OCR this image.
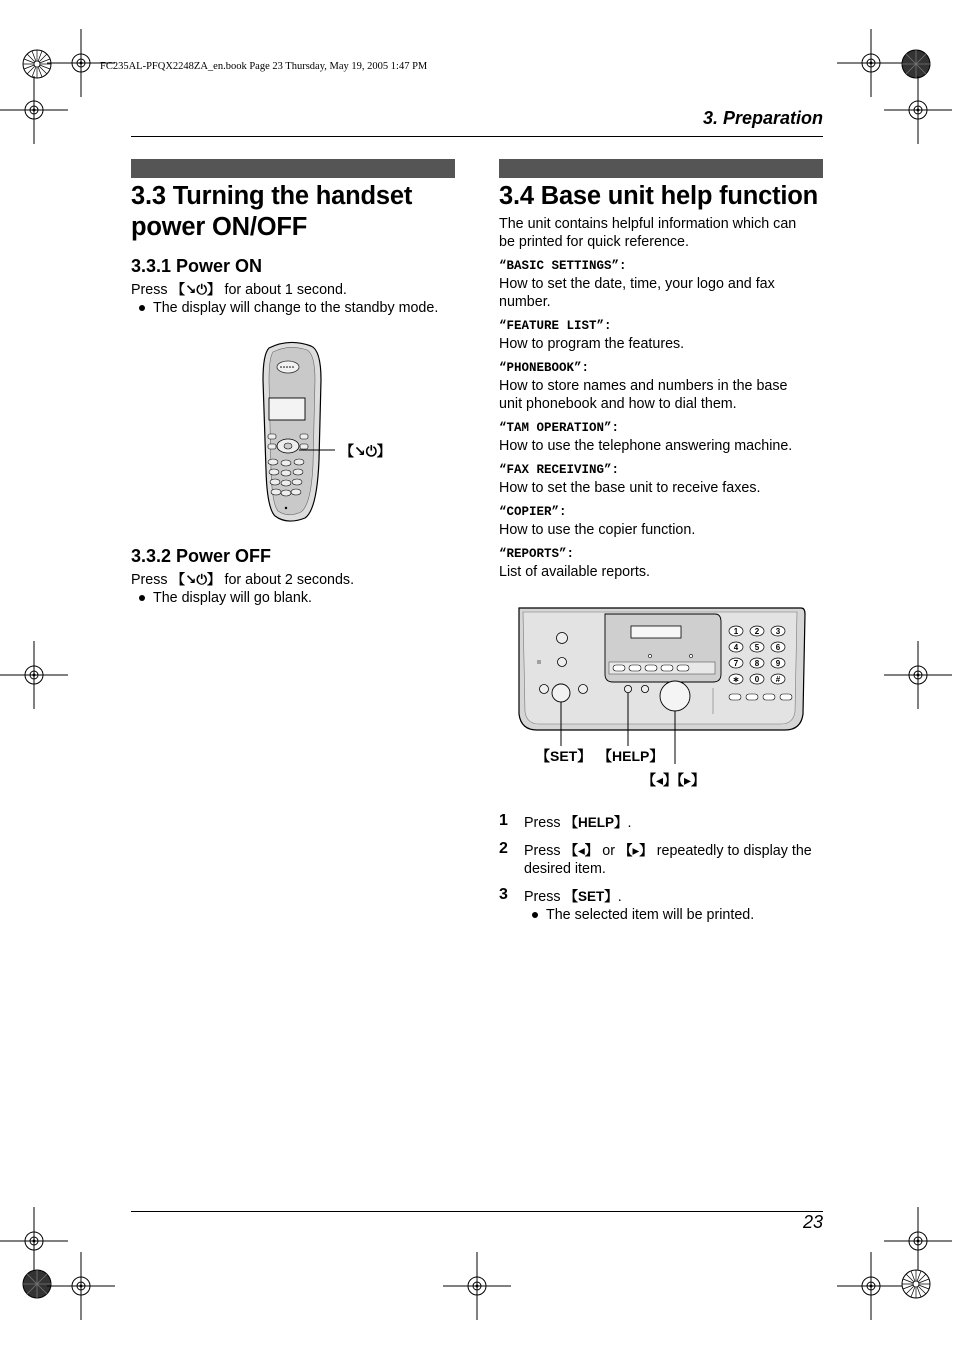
FC235AL-PFQX2248ZA_en.book Page 23 Thursday, May 19, 2005 1:47 PM
3. Preparation
3.3 Turning the handset
power ON/OFF
3.3.1 Power ON
Press 【↘⏻】 for about 1 second.
The display will change to the standby mode.
【↘⏻】
3.3.2 Power OFF
Press 【↘⏻】 for about 2 seconds.
The display will go blank.
3.4 Base unit help function
The unit contains helpful information which can
be printed for quick reference.
“BASIC SETTINGS”:
How to set the date, time, your logo and fax
number.
“FEATURE LIST”:
How to program the features.
“PHONEBOOK”:
How to store names and numbers in the base
unit phonebook and how to dial them.
“TAM OPERATION”:
How to use the telephone answering machine.
“FAX RECEIVING”:
How to set the base unit to receive faxes.
“COPIER”:
How to use the copier function.
“REPORTS”:
List of available reports.
1 2 3
4 5 6
7 8 9
∗ 0 #
【SET】 【HELP】
【◂】【▸】
1 Press 【HELP】.
2 Press 【◂】 or 【▸】 repeatedly to display the desired item.
3 Press 【SET】.
The selected item will be printed.
23
